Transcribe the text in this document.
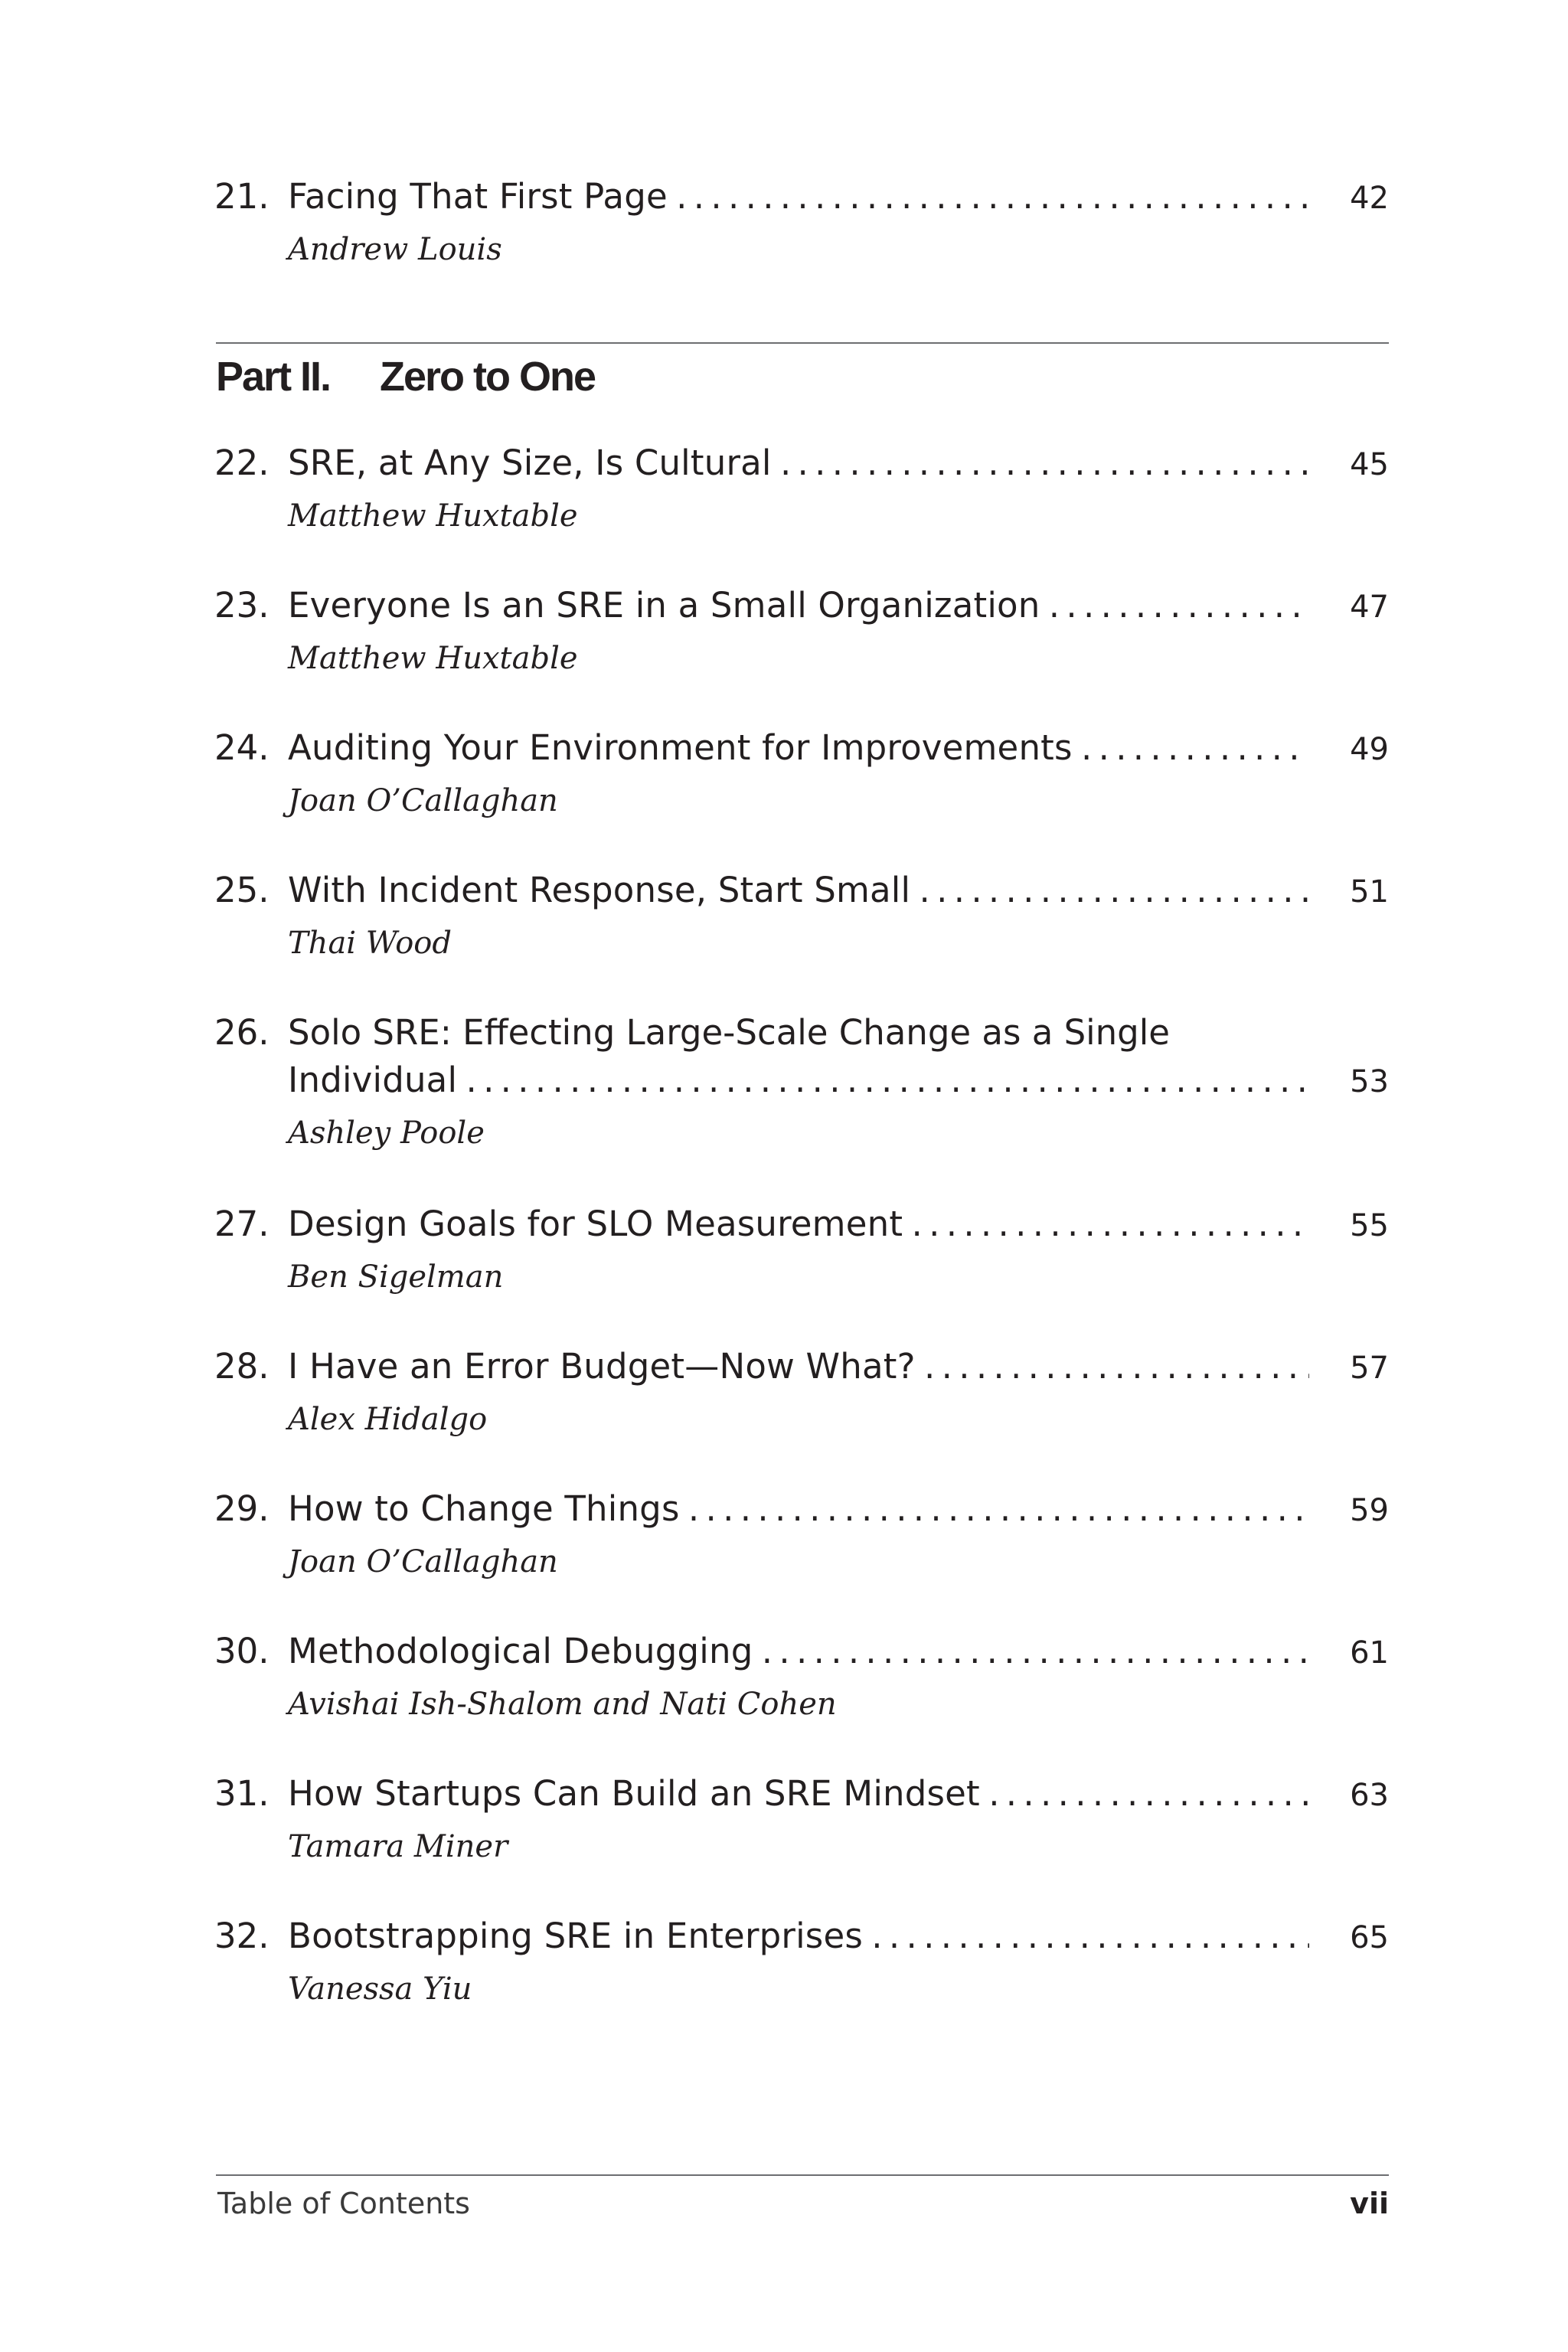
21. Facing That First Page . . .	42
Andrew Louis
Part II.	Zero to One
22. SRE, at Any Size, Is Cultural . . .	45
Matthew Huxtable
23. Everyone Is an SRE in a Small Organization . . .	47
Matthew Huxtable
24. Auditing Your Environment for Improvements . . .	49
Joan O’Callaghan
25. With Incident Response, Start Small . . .	51
Thai Wood
26. Solo SRE: Effecting Large-Scale Change as a Single
Individual . . .	53
Ashley Poole
27. Design Goals for SLO Measurement . . .	55
Ben Sigelman
28. I Have an Error Budget—Now What? . . .	57
Alex Hidalgo
29. How to Change Things . . .	59
Joan O’Callaghan
30. Methodological Debugging . . .	61
Avishai Ish-Shalom and Nati Cohen
31. How Startups Can Build an SRE Mindset . . .	63
Tamara Miner
32. Bootstrapping SRE in Enterprises . . .	65
Vanessa Yiu
Table of Contents	vii
